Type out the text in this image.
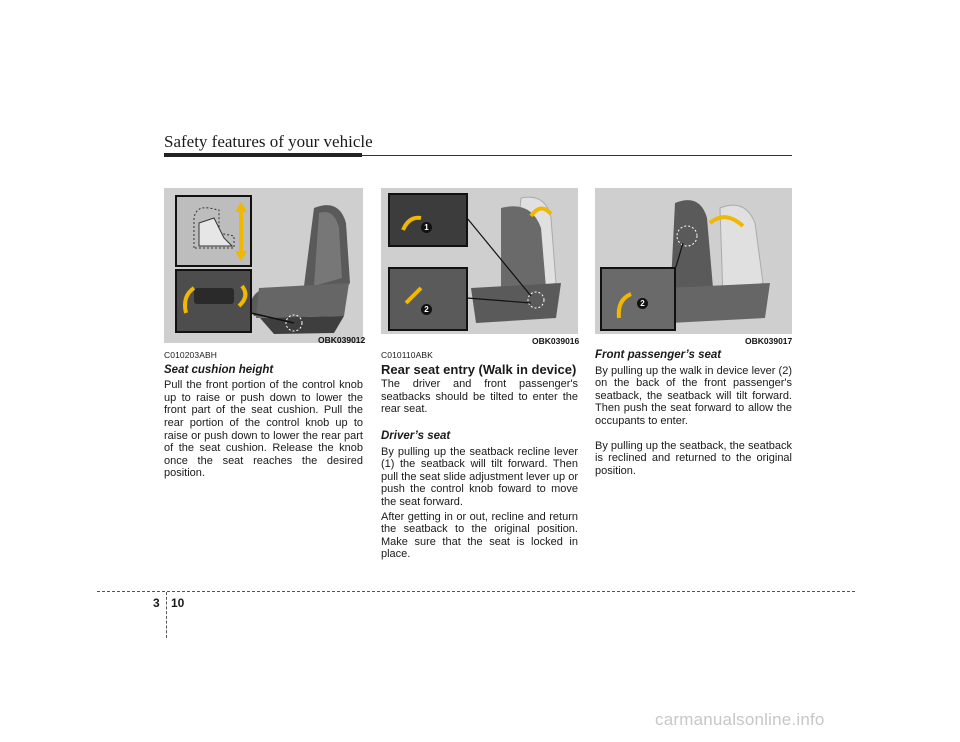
Safety features of your vehicle
OBK039012
1
2
OBK039016
2
OBK039017
C010203ABH
Seat cushion height

Pull the front portion of the control knob up to raise or push down to lower the front part of the seat cushion. Pull the rear portion of the control knob up to raise or push down to lower the rear part of the seat cushion. Release the knob once the seat reaches the desired position.

C010110ABK
Rear seat entry (Walk in device)

The driver and front passenger's seatbacks should be tilted to enter the rear seat.

Driver’s seat

By pulling up the seatback recline lever (1) the seatback will tilt forward. Then pull the seat slide adjustment lever up or push the control knob foward to move the seat forward.

After getting in or out, recline and return the seatback to the original position. Make sure that the seat is locked in place.

Front passenger’s seat

By pulling up the walk in device lever (2) on the back of the front passenger's seatback, the seatback will tilt forward. Then push the seat forward to allow the occupants to enter.

By pulling up the seatback, the seatback is reclined and returned to the original position.

3 10
carmanualsonline.info
